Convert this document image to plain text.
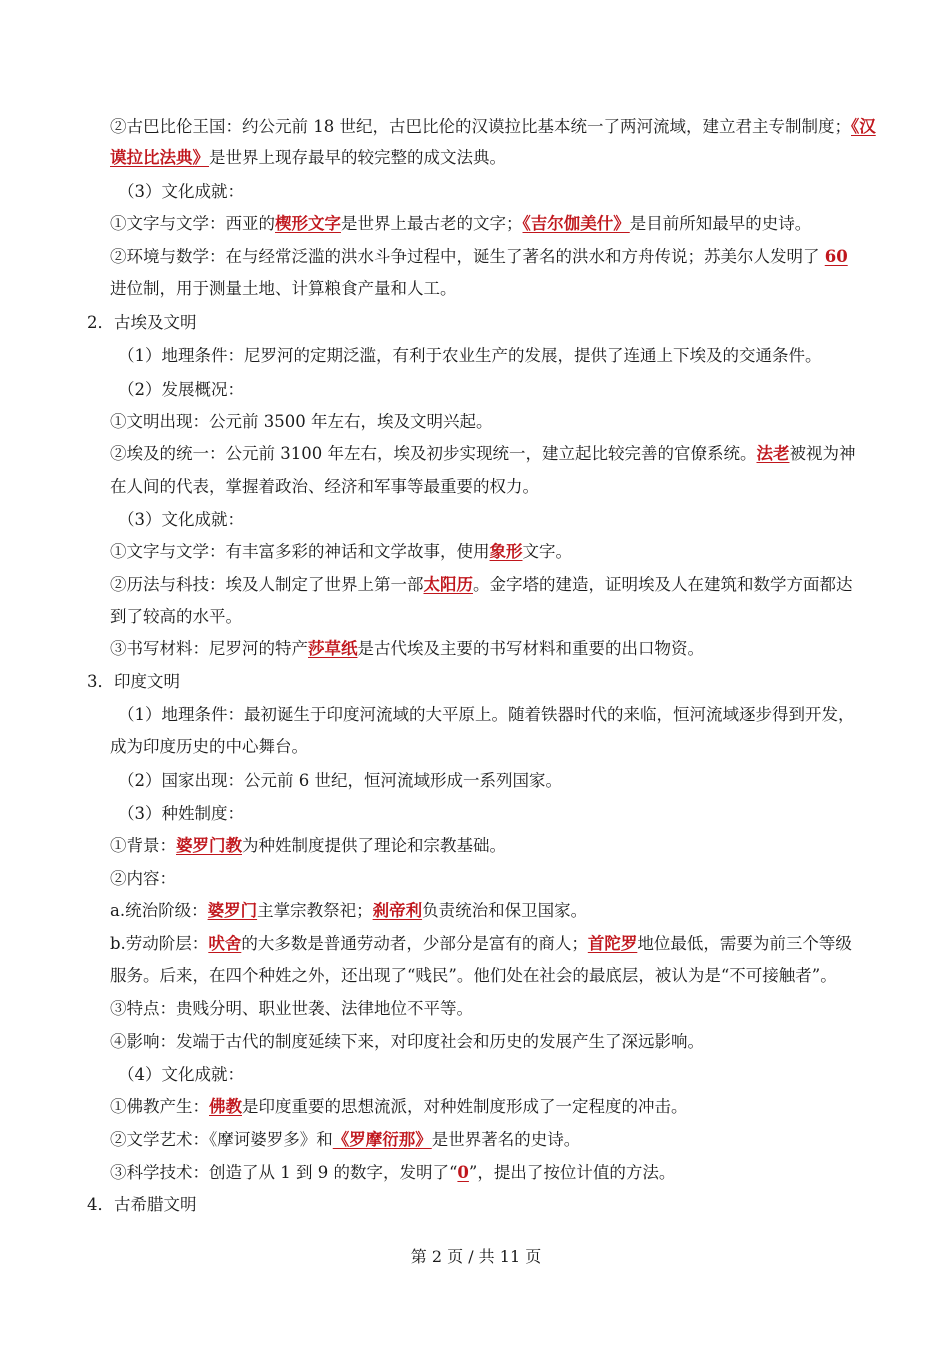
②古巴比伦王国：约公元前 18 世纪，古巴比伦的汉谟拉比基本统一了两河流域，建立君主专制制度；《汉
谟拉比法典》是世界上现存最早的较完整的成文法典。
（3）文化成就：
①文字与文学：西亚的楔形文字是世界上最古老的文字；《吉尔伽美什》是目前所知最早的史诗。
②环境与数学：在与经常泛滥的洪水斗争过程中，诞生了著名的洪水和方舟传说；苏美尔人发明了 60
进位制，用于测量土地、计算粮食产量和人工。
2．古埃及文明
（1）地理条件：尼罗河的定期泛滥，有利于农业生产的发展，提供了连通上下埃及的交通条件。
（2）发展概况：
①文明出现：公元前 3500 年左右，埃及文明兴起。
②埃及的统一：公元前 3100 年左右，埃及初步实现统一，建立起比较完善的官僚系统。法老被视为神
在人间的代表，掌握着政治、经济和军事等最重要的权力。
（3）文化成就：
①文字与文学：有丰富多彩的神话和文学故事，使用象形文字。
②历法与科技：埃及人制定了世界上第一部太阳历。金字塔的建造，证明埃及人在建筑和数学方面都达
到了较高的水平。
③书写材料：尼罗河的特产莎草纸是古代埃及主要的书写材料和重要的出口物资。
3．印度文明
（1）地理条件：最初诞生于印度河流域的大平原上。随着铁器时代的来临，恒河流域逐步得到开发，
成为印度历史的中心舞台。
（2）国家出现：公元前 6 世纪，恒河流域形成一系列国家。
（3）种姓制度：
①背景：婆罗门教为种姓制度提供了理论和宗教基础。
②内容：
a.统治阶级：婆罗门主掌宗教祭祀；刹帝利负责统治和保卫国家。
b.劳动阶层：吠舍的大多数是普通劳动者，少部分是富有的商人；首陀罗地位最低，需要为前三个等级
服务。后来，在四个种姓之外，还出现了“贱民”。他们处在社会的最底层，被认为是“不可接触者”。
③特点：贵贱分明、职业世袭、法律地位不平等。
④影响：发端于古代的制度延续下来，对印度社会和历史的发展产生了深远影响。
（4）文化成就：
①佛教产生：佛教是印度重要的思想流派，对种姓制度形成了一定程度的冲击。
②文学艺术：《摩诃婆罗多》和《罗摩衍那》是世界著名的史诗。
③科学技术：创造了从 1 到 9 的数字，发明了“0”，提出了按位计值的方法。
4．古希腊文明
第 2 页 / 共 11 页
